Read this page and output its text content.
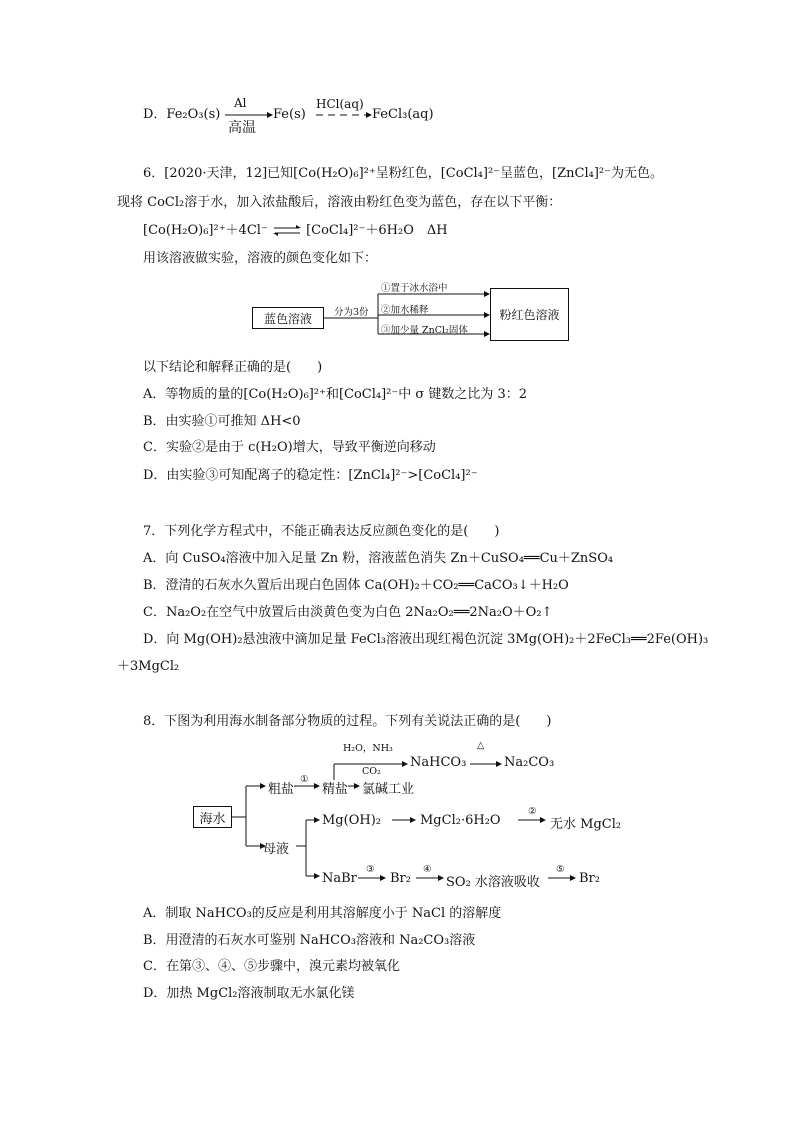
D．Fe₂O₃(s)
Al
高温
Fe(s)
HCl(aq)
FeCl₃(aq)
6．[2020·天津，12]已知[Co(H₂O)₆]²⁺呈粉红色，[CoCl₄]²⁻呈蓝色，[ZnCl₄]²⁻为无色。
现将 CoCl₂溶于水，加入浓盐酸后，溶液由粉红色变为蓝色，存在以下平衡：
[Co(H₂O)₆]²⁺＋4Cl⁻ ⇌ [CoCl₄]²⁻＋6H₂O　ΔH
用该溶液做实验，溶液的颜色变化如下：
蓝色溶液	分为3份
①置于冰水浴中
②加水稀释
③加少量 ZnCl₂固体
粉红色溶液
以下结论和解释正确的是(　　)
A．等物质的量的[Co(H₂O)₆]²⁺和[CoCl₄]²⁻中 σ 键数之比为 3：2
B．由实验①可推知 ΔH<0
C．实验②是由于 c(H₂O)增大，导致平衡逆向移动
D．由实验③可知配离子的稳定性：[ZnCl₄]²⁻>[CoCl₄]²⁻
7．下列化学方程式中，不能正确表达反应颜色变化的是(　　)
A．向 CuSO₄溶液中加入足量 Zn 粉，溶液蓝色消失 Zn＋CuSO₄══Cu＋ZnSO₄
B．澄清的石灰水久置后出现白色固体 Ca(OH)₂＋CO₂══CaCO₃↓＋H₂O
C．Na₂O₂在空气中放置后由淡黄色变为白色 2Na₂O₂══2Na₂O＋O₂↑
D．向 Mg(OH)₂悬浊液中滴加足量 FeCl₃溶液出现红褐色沉淀 3Mg(OH)₂＋2FeCl₃══2Fe(OH)₃
＋3MgCl₂
8．下图为利用海水制备部分物质的过程。下列有关说法正确的是(　　)
海水
粗盐
①
精盐 氯碱工业
H₂O，NH₃
CO₂
NaHCO₃
△
Na₂CO₃
母液
Mg(OH)₂	MgCl₂·6H₂O
②
无水 MgCl₂
NaBr
③
Br₂
④
SO₂ 水溶液吸收
⑤
Br₂
A．制取 NaHCO₃的反应是利用其溶解度小于 NaCl 的溶解度
B．用澄清的石灰水可鉴别 NaHCO₃溶液和 Na₂CO₃溶液
C．在第③、④、⑤步骤中，溴元素均被氧化
D．加热 MgCl₂溶液制取无水氯化镁
